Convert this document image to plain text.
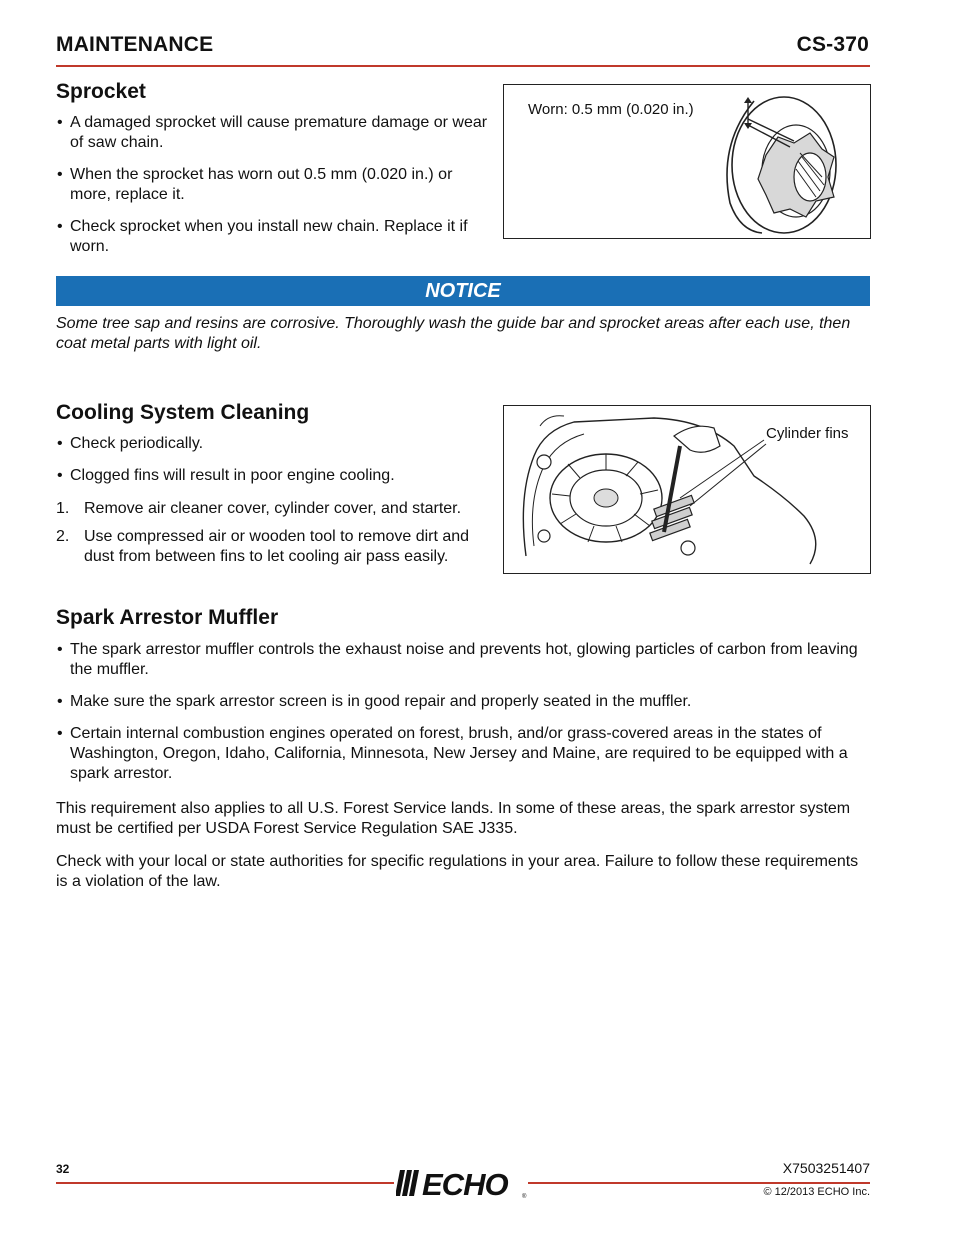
MAINTENANCE	CS-370
Sprocket
• A damaged sprocket will cause premature damage or wear of saw chain.
• When the sprocket has worn out 0.5 mm (0.020 in.) or more, replace it.
• Check sprocket when you install new chain. Replace it if worn.
Worn: 0.5 mm (0.020 in.)
NOTICE
Some tree sap and resins are corrosive. Thoroughly wash the guide bar and sprocket areas after each use, then coat metal parts with light oil.
Cooling System Cleaning
• Check periodically.
• Clogged fins will result in poor engine cooling.
1. Remove air cleaner cover, cylinder cover, and starter.
2. Use compressed air or wooden tool to remove dirt and dust from between fins to let cooling air pass easily.
Cylinder fins
Spark Arrestor Muffler
• The spark arrestor muffler controls the exhaust noise and prevents hot, glowing particles of carbon from leaving the muffler.
• Make sure the spark arrestor screen is in good repair and properly seated in the muffler.
• Certain internal combustion engines operated on forest, brush, and/or grass-covered areas in the states of Washington, Oregon, Idaho, California, Minnesota, New Jersey and Maine, are required to be equipped with a spark arrestor.

This requirement also applies to all U.S. Forest Service lands. In some of these areas, the spark arrestor system must be certified per USDA Forest Service Regulation SAE J335.

Check with your local or state authorities for specific regulations in your area. Failure to follow these requirements is a violation of the law.

32	ECHO ®
X7503251407
© 12/2013 ECHO Inc.
